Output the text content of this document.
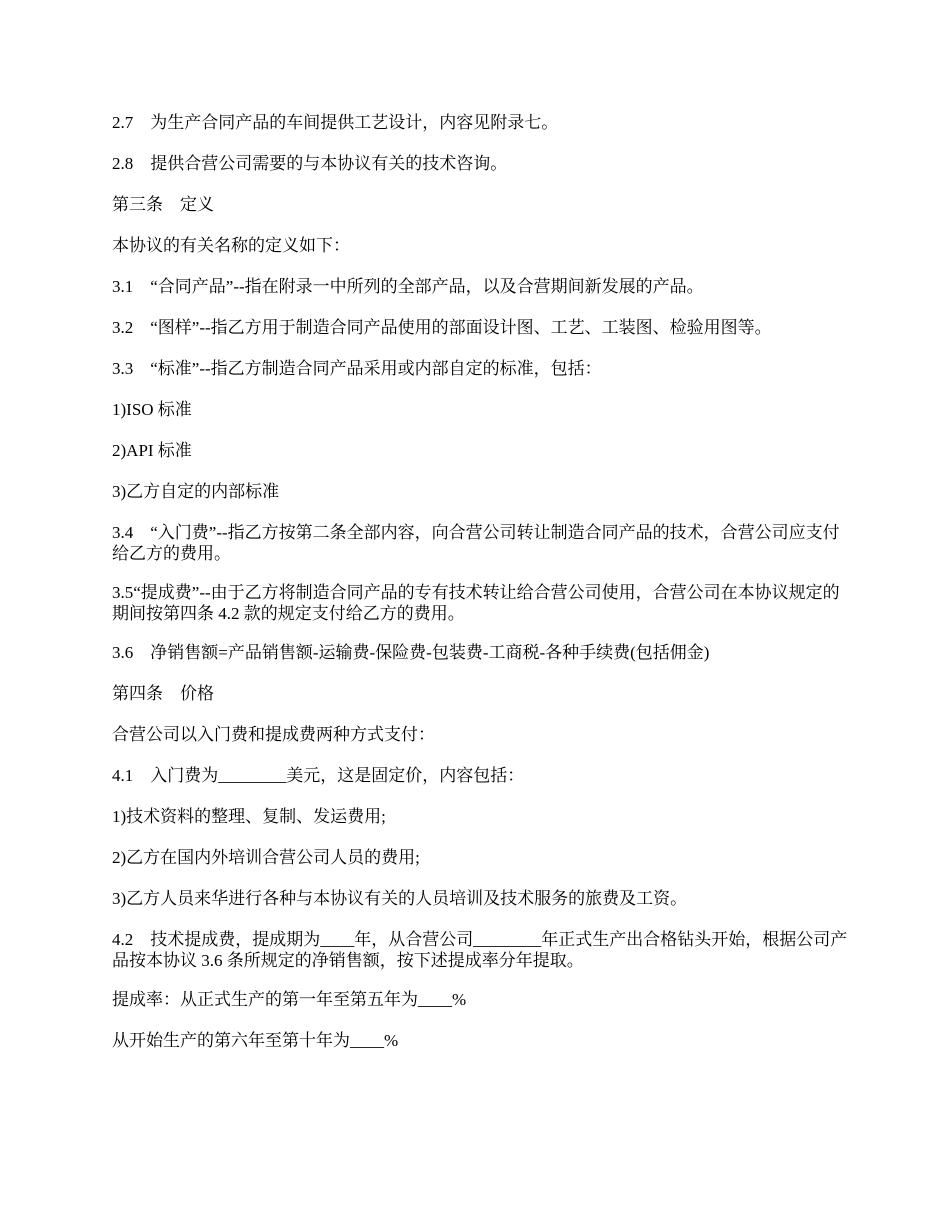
2.7　为生产合同产品的车间提供工艺设计，内容见附录七。

2.8　提供合营公司需要的与本协议有关的技术咨询。

第三条　定义

本协议的有关名称的定义如下：

3.1　“合同产品”--指在附录一中所列的全部产品，以及合营期间新发展的产品。

3.2　“图样”--指乙方用于制造合同产品使用的部面设计图、工艺、工装图、检验用图等。

3.3　“标准”--指乙方制造合同产品采用或内部自定的标准，包括：

1)ISO 标准

2)API 标准

3)乙方自定的内部标准

3.4　“入门费”--指乙方按第二条全部内容，向合营公司转让制造合同产品的技术，合营公司应支付给乙方的费用。

3.5“提成费”--由于乙方将制造合同产品的专有技术转让给合营公司使用，合营公司在本协议规定的期间按第四条 4.2 款的规定支付给乙方的费用。

3.6　净销售额=产品销售额-运输费-保险费-包装费-工商税-各种手续费(包括佣金)

第四条　价格

合营公司以入门费和提成费两种方式支付：

4.1　入门费为________美元，这是固定价，内容包括：

1)技术资料的整理、复制、发运费用;

2)乙方在国内外培训合营公司人员的费用;

3)乙方人员来华进行各种与本协议有关的人员培训及技术服务的旅费及工资。

4.2　技术提成费，提成期为____年，从合营公司________年正式生产出合格钻头开始，根据公司产品按本协议 3.6 条所规定的净销售额，按下述提成率分年提取。

提成率：从正式生产的第一年至第五年为____%

从开始生产的第六年至第十年为____%
